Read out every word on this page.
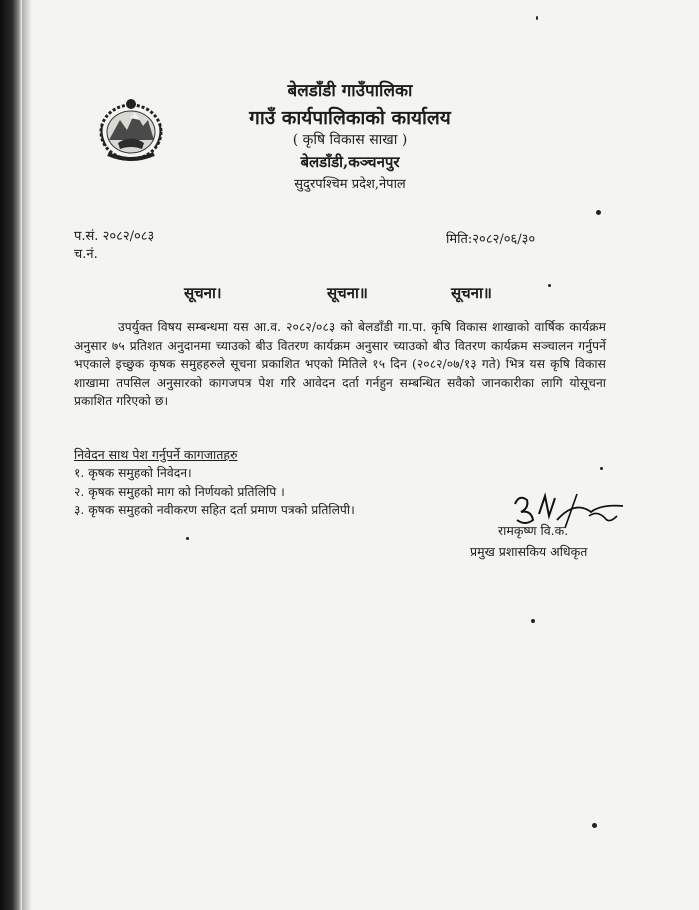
बेलडाँडी गाउँपालिका
गाउँ कार्यपालिकाको कार्यालय
( कृषि विकास साखा )
बेलडाँडी,कञ्चनपुर
सुदुरपश्चिम प्रदेश,नेपाल
प.सं. २०८२/०८३
च.नं.
मिति:२०८२/०६/३०
सूचना।	सूचना॥	सूचना॥

उपर्युक्त विषय सम्बन्धमा यस आ.व. २०८२/०८३ को बेलडाँडी गा.पा. कृषि विकास शाखाको वार्षिक कार्यक्रम अनुसार ७५ प्रतिशत अनुदानमा च्याउको बीउ वितरण कार्यक्रम अनुसार च्याउको बीउ वितरण कार्यक्रम सञ्चालन गर्नुपर्ने भएकाले इच्छुक कृषक समुहहरुले सूचना प्रकाशित भएको मितिले १५ दिन (२०८२/०७/१३ गते) भित्र यस कृषि विकास शाखामा तपसिल अनुसारको कागजपत्र पेश गरि आवेदन दर्ता गर्नहुन सम्बन्धित सवैको जानकारीका लागि योसूचना प्रकाशित गरिएको छ।

निवेदन साथ पेश गर्नुपर्ने कागजातहरु
१. कृषक समुहको निवेदन।
२. कृषक समुहको माग को निर्णयको प्रतिलिपि ।
३. कृषक समुहको नवीकरण सहित दर्ता प्रमाण पत्रको प्रतिलिपी।
रामकृष्ण वि.क.
प्रमुख प्रशासकिय अधिकृत
